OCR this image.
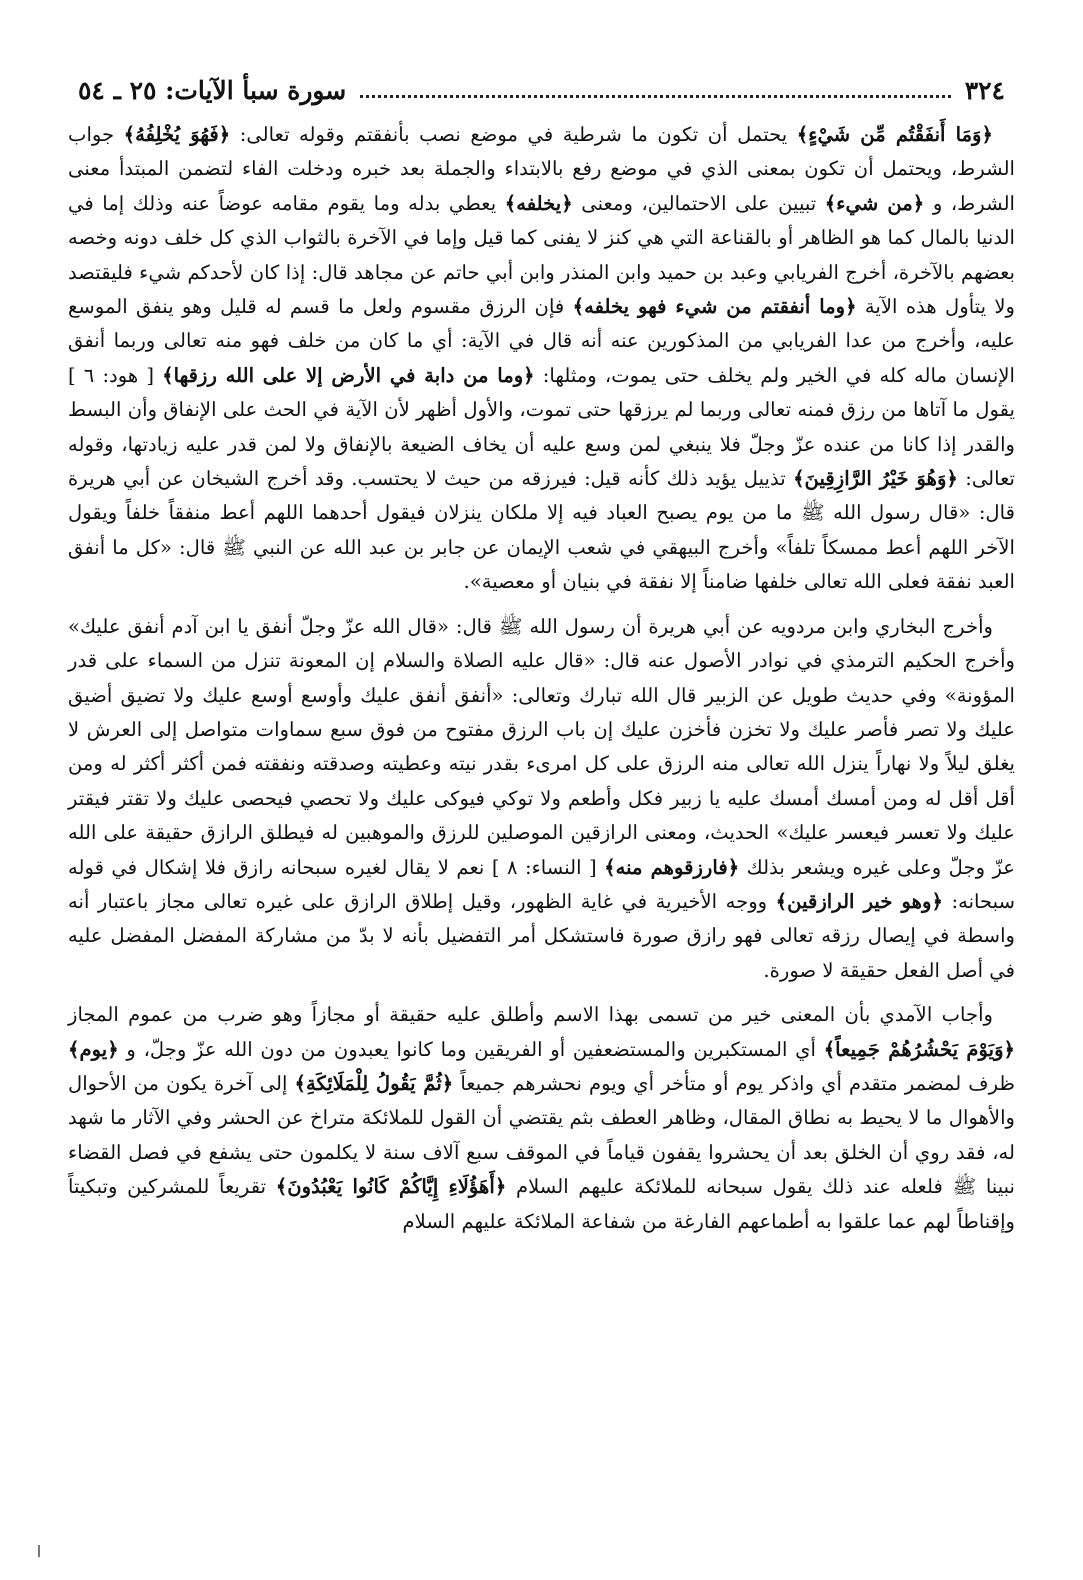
٣٢٤
سورة سبأ الآيات: ٢٥ ـ ٥٤

﴿وَمَا أَنفَقْتُم مِّن شَيْءٍ﴾ يحتمل أن تكون ما شرطية في موضع نصب بأنفقتم وقوله تعالى: ﴿فَهُوَ يُخْلِفُهُ﴾ جواب الشرط، ويحتمل أن تكون بمعنى الذي في موضع رفع بالابتداء والجملة بعد خبره ودخلت الفاء لتضمن المبتدأ معنى الشرط، و ﴿من شيء﴾ تبيين على الاحتمالين، ومعنى ﴿يخلفه﴾ يعطي بدله وما يقوم مقامه عوضاً عنه وذلك إما في الدنيا بالمال كما هو الظاهر أو بالقناعة التي هي كنز لا يفنى كما قيل وإما في الآخرة بالثواب الذي كل خلف دونه وخصه بعضهم بالآخرة، أخرج الفريابي وعبد بن حميد وابن المنذر وابن أبي حاتم عن مجاهد قال: إذا كان لأحدكم شيء فليقتصد ولا يتأول هذه الآية ﴿وما أنفقتم من شيء فهو يخلفه﴾ فإن الرزق مقسوم ولعل ما قسم له قليل وهو ينفق الموسع عليه، وأخرج من عدا الفريابي من المذكورين عنه أنه قال في الآية: أي ما كان من خلف فهو منه تعالى وربما أنفق الإنسان ماله كله في الخير ولم يخلف حتى يموت، ومثلها: ﴿وما من دابة في الأرض إلا على الله رزقها﴾ [ هود: ٦ ] يقول ما آتاها من رزق فمنه تعالى وربما لم يرزقها حتى تموت، والأول أظهر لأن الآية في الحث على الإنفاق وأن البسط والقدر إذا كانا من عنده عزّ وجلّ فلا ينبغي لمن وسع عليه أن يخاف الضيعة بالإنفاق ولا لمن قدر عليه زيادتها، وقوله تعالى: ﴿وَهُوَ خَيْرُ الرَّازِقِينَ﴾ تذييل يؤيد ذلك كأنه قيل: فيرزقه من حيث لا يحتسب. وقد أخرج الشيخان عن أبي هريرة قال: «قال رسول الله ﷺ ما من يوم يصبح العباد فيه إلا ملكان ينزلان فيقول أحدهما اللهم أعط منفقاً خلفاً ويقول الآخر اللهم أعط ممسكاً تلفاً» وأخرج البيهقي في شعب الإيمان عن جابر بن عبد الله عن النبي ﷺ قال: «كل ما أنفق العبد نفقة فعلى الله تعالى خلفها ضامناً إلا نفقة في بنيان أو معصية».

وأخرج البخاري وابن مردويه عن أبي هريرة أن رسول الله ﷺ قال: «قال الله عزّ وجلّ أنفق يا ابن آدم أنفق عليك» وأخرج الحكيم الترمذي في نوادر الأصول عنه قال: «قال عليه الصلاة والسلام إن المعونة تنزل من السماء على قدر المؤونة» وفي حديث طويل عن الزبير قال الله تبارك وتعالى: «أنفق أنفق عليك وأوسع أوسع عليك ولا تضيق أضيق عليك ولا تصر فأصر عليك ولا تخزن فأخزن عليك إن باب الرزق مفتوح من فوق سبع سماوات متواصل إلى العرش لا يغلق ليلاً ولا نهاراً ينزل الله تعالى منه الرزق على كل امرىء بقدر نيته وعطيته وصدقته ونفقته فمن أكثر أكثر له ومن أقل أقل له ومن أمسك أمسك عليه يا زبير فكل وأطعم ولا توكي فيوكى عليك ولا تحصي فيحصى عليك ولا تقتر فيقتر عليك ولا تعسر فيعسر عليك» الحديث، ومعنى الرازقين الموصلين للرزق والموهبين له فيطلق الرازق حقيقة على الله عزّ وجلّ وعلى غيره ويشعر بذلك ﴿فارزقوهم منه﴾ [ النساء: ٨ ] نعم لا يقال لغيره سبحانه رازق فلا إشكال في قوله سبحانه: ﴿وهو خير الرازقين﴾ ووجه الأخيرية في غاية الظهور، وقيل إطلاق الرازق على غيره تعالى مجاز باعتبار أنه واسطة في إيصال رزقه تعالى فهو رازق صورة فاستشكل أمر التفضيل بأنه لا بدّ من مشاركة المفضل المفضل عليه في أصل الفعل حقيقة لا صورة.

وأجاب الآمدي بأن المعنى خير من تسمى بهذا الاسم وأطلق عليه حقيقة أو مجازاً وهو ضرب من عموم المجاز ﴿وَيَوْمَ يَحْشُرُهُمْ جَمِيعاً﴾ أي المستكبرين والمستضعفين أو الفريقين وما كانوا يعبدون من دون الله عزّ وجلّ، و ﴿يوم﴾ ظرف لمضمر متقدم أي واذكر يوم أو متأخر أي ويوم نحشرهم جميعاً ﴿ثُمَّ يَقُولُ لِلْمَلَائِكَةِ﴾ إلى آخرة يكون من الأحوال والأهوال ما لا يحيط به نطاق المقال، وظاهر العطف بثم يقتضي أن القول للملائكة متراخ عن الحشر وفي الآثار ما شهد له، فقد روي أن الخلق بعد أن يحشروا يقفون قياماً في الموقف سبع آلاف سنة لا يكلمون حتى يشفع في فصل القضاء نبينا ﷺ فلعله عند ذلك يقول سبحانه للملائكة عليهم السلام ﴿أَهَؤُلَاءِ إِيَّاكُمْ كَانُوا يَعْبُدُونَ﴾ تقريعاً للمشركين وتبكيتاً وإقناطاً لهم عما علقوا به أطماعهم الفارغة من شفاعة الملائكة عليهم السلام
